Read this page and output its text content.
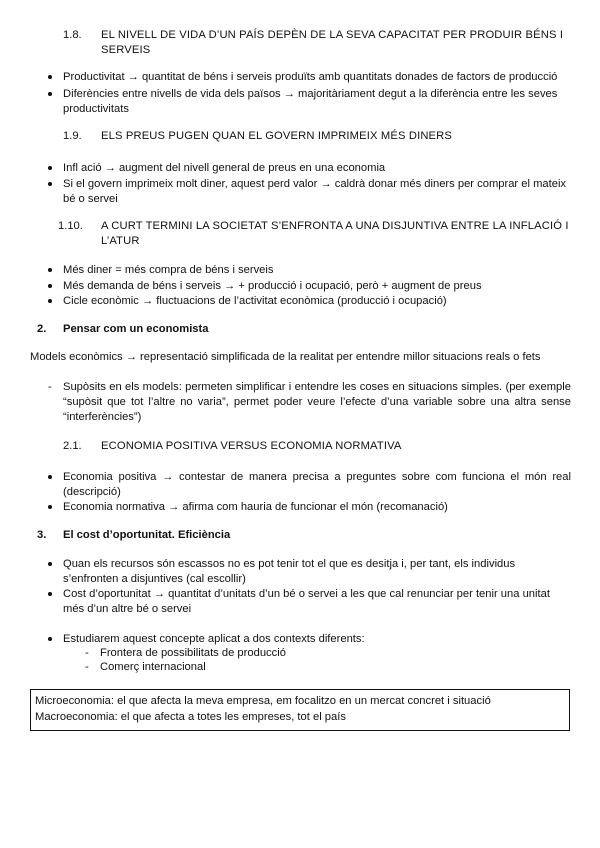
1.8. EL NIVELL DE VIDA D’UN PAÍS DEPÈN DE LA SEVA CAPACITAT PER PRODUIR BÉNS I SERVEIS
Productivitat → quantitat de béns i serveis produïts amb quantitats donades de factors de producció
Diferències entre nivells de vida dels països → majoritàriament degut a la diferència entre les seves productivitats
1.9. ELS PREUS PUGEN QUAN EL GOVERN IMPRIMEIX MÉS DINERS
Infl ació → augment del nivell general de preus en una economia
Si el govern imprimeix molt diner, aquest perd valor → caldrà donar més diners per comprar el mateix bé o servei
1.10. A CURT TERMINI LA SOCIETAT S’ENFRONTA A UNA DISJUNTIVA ENTRE LA INFLACIÓ I L’ATUR
Més diner = més compra de béns i serveis
Més demanda de béns i serveis → + producció i ocupació, però + augment de preus
Cicle econòmic → fluctuacions de l’activitat econòmica (producció i ocupació)
2. Pensar com un economista
Models econòmics → representació simplificada de la realitat per entendre millor situacions reals o fets
- Supòsits en els models: permeten simplificar i entendre les coses en situacions simples. (per exemple “supòsit que tot l’altre no varia”, permet poder veure l’efecte d’una variable sobre una altra sense “interferències”)
2.1. ECONOMIA POSITIVA VERSUS ECONOMIA NORMATIVA
Economia positiva → contestar de manera precisa a preguntes sobre com funciona el món real (descripció)
Economia normativa → afirma com hauria de funcionar el món (recomanació)
3. El cost d’oportunitat. Eficiència
Quan els recursos són escassos no es pot tenir tot el que es desitja i, per tant, els individus s’enfronten a disjuntives (cal escollir)
Cost d’oportunitat → quantitat d’unitats d’un bé o servei a les que cal renunciar per tenir una unitat més d’un altre bé o servei
Estudiarem aquest concepte aplicat a dos contexts diferents:
- Frontera de possibilitats de producció
- Comerç internacional
Microeconomia: el que afecta la meva empresa, em focalitzo en un mercat concret i situació
Macroeconomia: el que afecta a totes les empreses, tot el país
